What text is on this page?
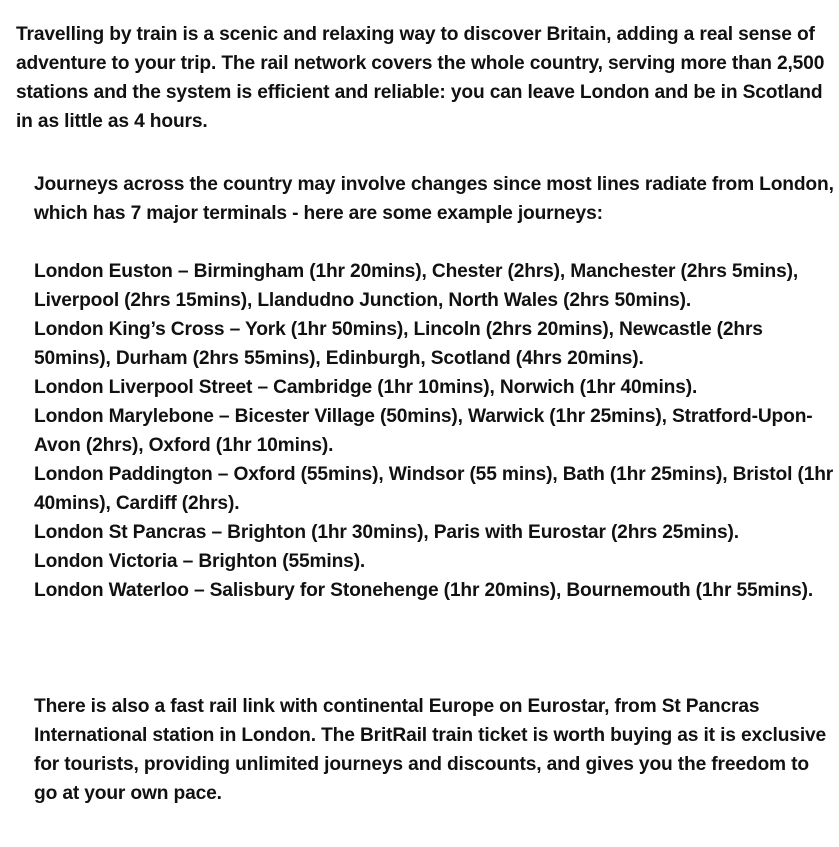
Travelling by train is a scenic and relaxing way to discover Britain, adding a real sense of adventure to your trip. The rail network covers the whole country, serving more than 2,500 stations and the system is efficient and reliable: you can leave London and be in Scotland in as little as 4 hours.

Journeys across the country may involve changes since most lines radiate from London, which has 7 major terminals - here are some example journeys:

London Euston – Birmingham (1hr 20mins), Chester (2hrs), Manchester (2hrs 5mins), Liverpool (2hrs 15mins), Llandudno Junction, North Wales (2hrs 50mins).
London King’s Cross – York (1hr 50mins), Lincoln (2hrs 20mins), Newcastle (2hrs 50mins), Durham (2hrs 55mins), Edinburgh, Scotland (4hrs 20mins).
London Liverpool Street – Cambridge (1hr 10mins), Norwich (1hr 40mins).
London Marylebone – Bicester Village (50mins), Warwick (1hr 25mins), Stratford-Upon-Avon (2hrs), Oxford (1hr 10mins).
London Paddington – Oxford (55mins), Windsor (55 mins), Bath (1hr 25mins), Bristol (1hr 40mins), Cardiff (2hrs).
London St Pancras – Brighton (1hr 30mins), Paris with Eurostar (2hrs 25mins).
London Victoria – Brighton (55mins).
London Waterloo – Salisbury for Stonehenge (1hr 20mins), Bournemouth (1hr 55mins).

There is also a fast rail link with continental Europe on Eurostar, from St Pancras International station in London. The BritRail train ticket is worth buying as it is exclusive for tourists, providing unlimited journeys and discounts, and gives you the freedom to go at your own pace.
